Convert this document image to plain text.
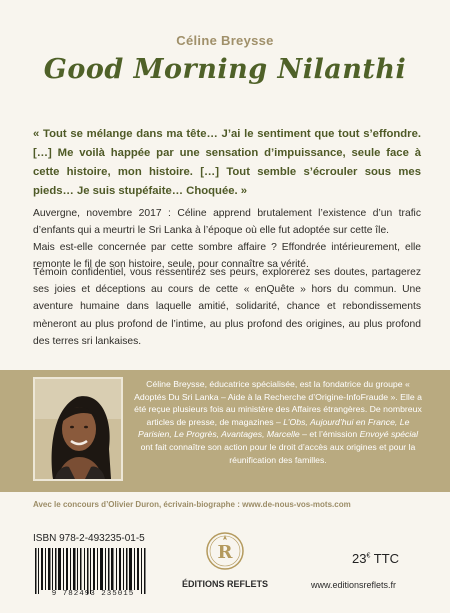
Céline Breysse
Good Morning Nilanthi
« Tout se mélange dans ma tête… J’ai le sentiment que tout s’effondre. […] Me voilà happée par une sensation d’impuissance, seule face à cette histoire, mon histoire. […] Tout semble s’écrouler sous mes pieds… Je suis stupéfaite… Choquée. »

Auvergne, novembre 2017 : Céline apprend brutalement l’existence d’un trafic d’enfants qui a meurtri le Sri Lanka à l’époque où elle fut adoptée sur cette île.

Mais est-elle concernée par cette sombre affaire ? Effondrée intérieurement, elle remonte le fil de son histoire, seule, pour connaître sa vérité.

Témoin confidentiel, vous ressentirez ses peurs, explorerez ses doutes, partagerez ses joies et déceptions au cours de cette « enQuête » hors du commun. Une aventure humaine dans laquelle amitié, solidarité, chance et rebondissements mèneront au plus profond de l’intime, au plus profond des origines, au plus profond des terres sri lankaises.
Céline Breysse, éducatrice spécialisée, est la fondatrice du groupe « Adoptés Du Sri Lanka – Aide à la Recherche d’Origine-InfoFraude ». Elle a été reçue plusieurs fois au ministère des Affaires étrangères. De nombreux articles de presse, de magazines – L’Obs, Aujourd’hui en France, Le Parisien, Le Progrès, Avantages, Marcelle – et l’émission Envoyé spécial ont fait connaître son action pour le droit d’accès aux origines et pour la réunification des familles.
Avec le concours d’Olivier Duron, écrivain-biographe : www.de-nous-vos-mots.com
ISBN 978-2-493235-01-5
9 782493 235015
R
ÉDITIONS REFLETS
23€ TTC
www.editionsreflets.fr
